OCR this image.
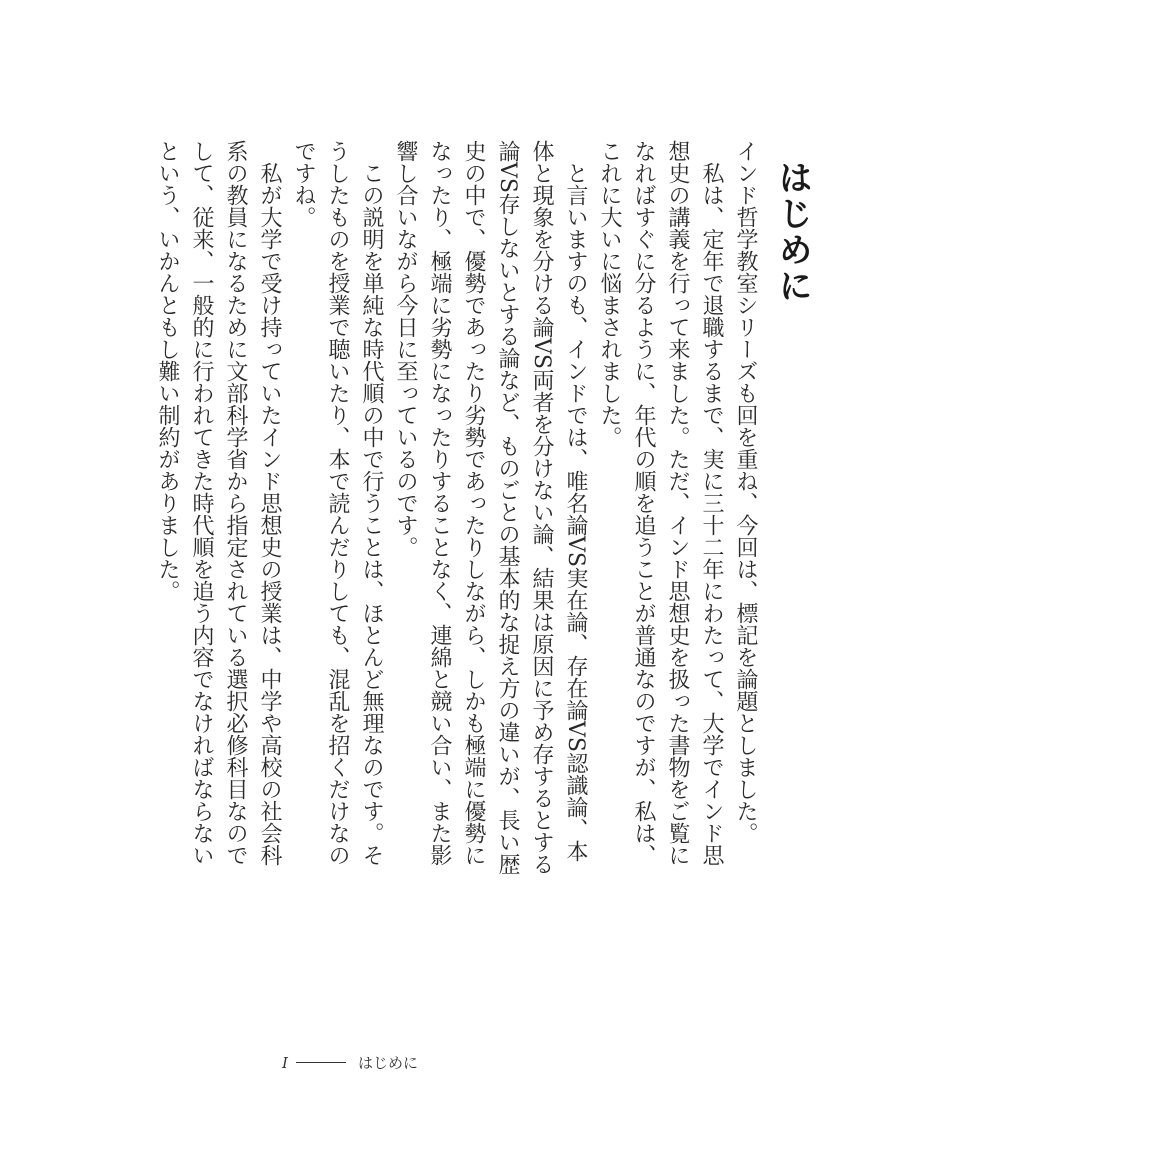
はじめに

インド哲学教室シリーズも回を重ね、今回は、標記を論題としました。

私は、定年で退職するまで、実に三十二年にわたって、大学でインド思想史の講義を行って来ました。ただ、インド思想史を扱った書物をご覧になればすぐに分るように、年代の順を追うことが普通なのですが、私は、これに大いに悩まされました。

と言いますのも、インドでは、唯名論VS実在論、存在論VS認識論、本体と現象を分ける論VS両者を分けない論、結果は原因に予め存するとする論VS存しないとする論など、ものごとの基本的な捉え方の違いが、長い歴史の中で、優勢であったり劣勢であったりしながら、しかも極端に優勢になったり、極端に劣勢になったりすることなく、連綿と競い合い、また影響し合いながら今日に至っているのです。

この説明を単純な時代順の中で行うことは、ほとんど無理なのです。そうしたものを授業で聴いたり、本で読んだりしても、混乱を招くだけなのですね。

私が大学で受け持っていたインド思想史の授業は、中学や高校の社会科系の教員になるために文部科学省から指定されている選択必修科目なのでして、従来、一般的に行われてきた時代順を追う内容でなければならないという、いかんともし難い制約がありました。

I	はじめに
